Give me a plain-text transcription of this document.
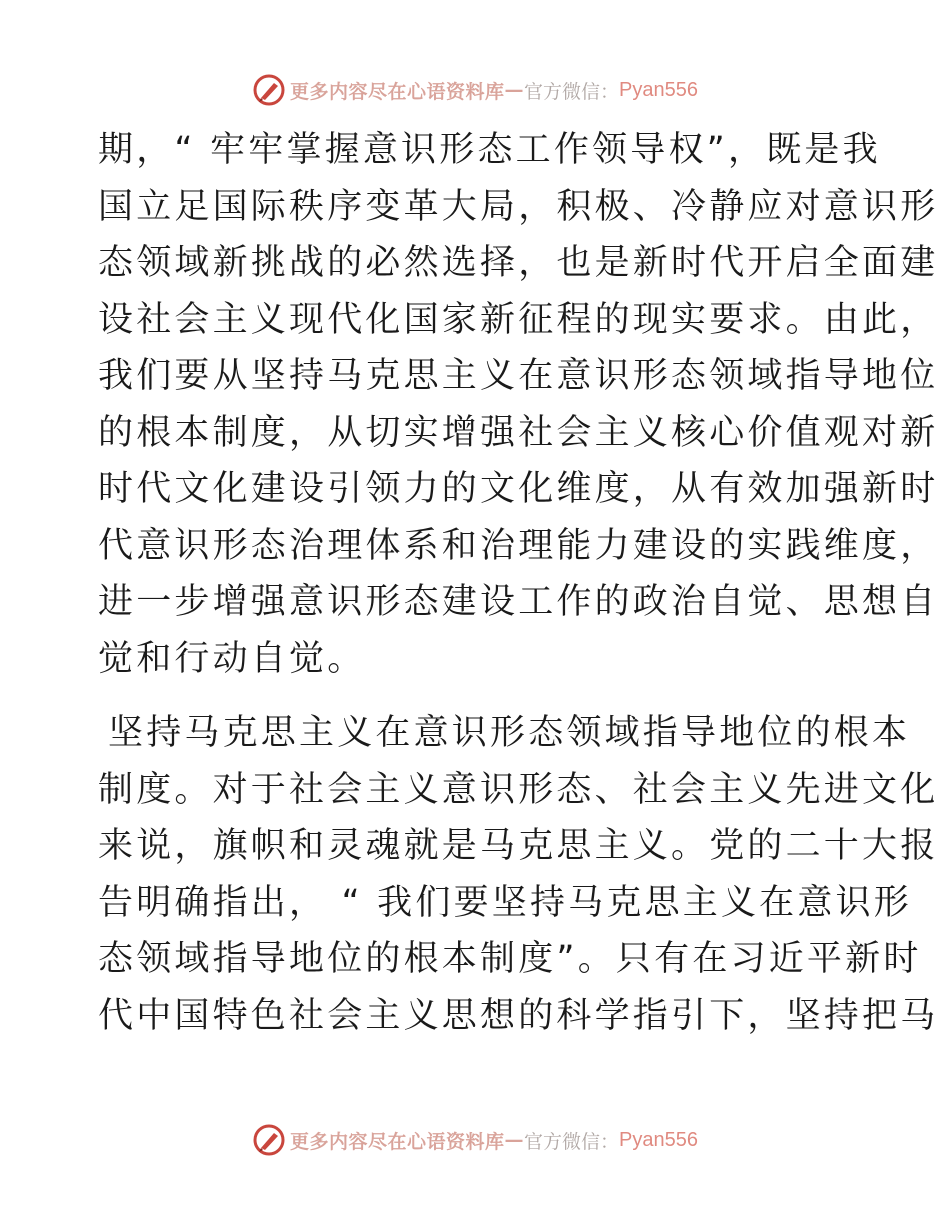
更多内容尽在心语资料库 — 官方微信： Pyan556
期，“ 牢牢掌握意识形态工作领导权”，既是我
国立足国际秩序变革大局，积极、冷静应对意识形
态领域新挑战的必然选择，也是新时代开启全面建
设社会主义现代化国家新征程的现实要求。由此，
我们要从坚持马克思主义在意识形态领域指导地位
的根本制度，从切实增强社会主义核心价值观对新
时代文化建设引领力的文化维度，从有效加强新时
代意识形态治理体系和治理能力建设的实践维度，
进一步增强意识形态建设工作的政治自觉、思想自
觉和行动自觉。
坚持马克思主义在意识形态领域指导地位的根本
制度。对于社会主义意识形态、社会主义先进文化
来说，旗帜和灵魂就是马克思主义。党的二十大报
告明确指出， “ 我们要坚持马克思主义在意识形
态领域指导地位的根本制度”。只有在习近平新时
代中国特色社会主义思想的科学指引下，坚持把马
更多内容尽在心语资料库 — 官方微信： Pyan556
